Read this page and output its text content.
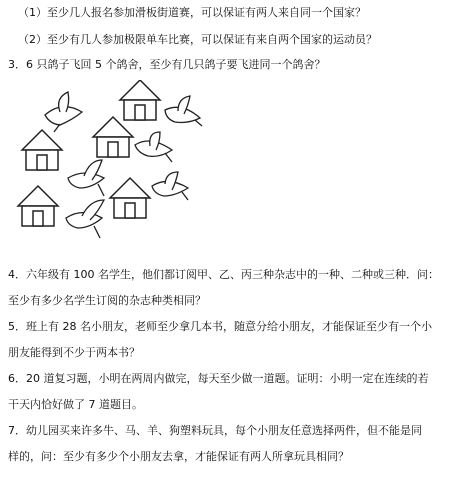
（1）至少几人报名参加滑板街道赛，可以保证有两人来自同一个国家？
（2）至少有几人参加极限单车比赛，可以保证有来自两个国家的运动员？
3．6 只鸽子飞回 5 个鸽舍，至少有几只鸽子要飞进同一个鸽舍？
4．六年级有 100 名学生，他们都订阅甲、乙、丙三种杂志中的一种、二种或三种．问：
至少有多少名学生订阅的杂志种类相同？
5．班上有 28 名小朋友，老师至少拿几本书，随意分给小朋友，才能保证至少有一个小
朋友能得到不少于两本书？
6．20 道复习题，小明在两周内做完，每天至少做一道题。证明：小明一定在连续的若
干天内恰好做了 7 道题目。
7．幼儿园买来许多牛、马、羊、狗塑料玩具，每个小朋友任意选择两件，但不能是同
样的，问：至少有多少个小朋友去拿，才能保证有两人所拿玩具相同？
